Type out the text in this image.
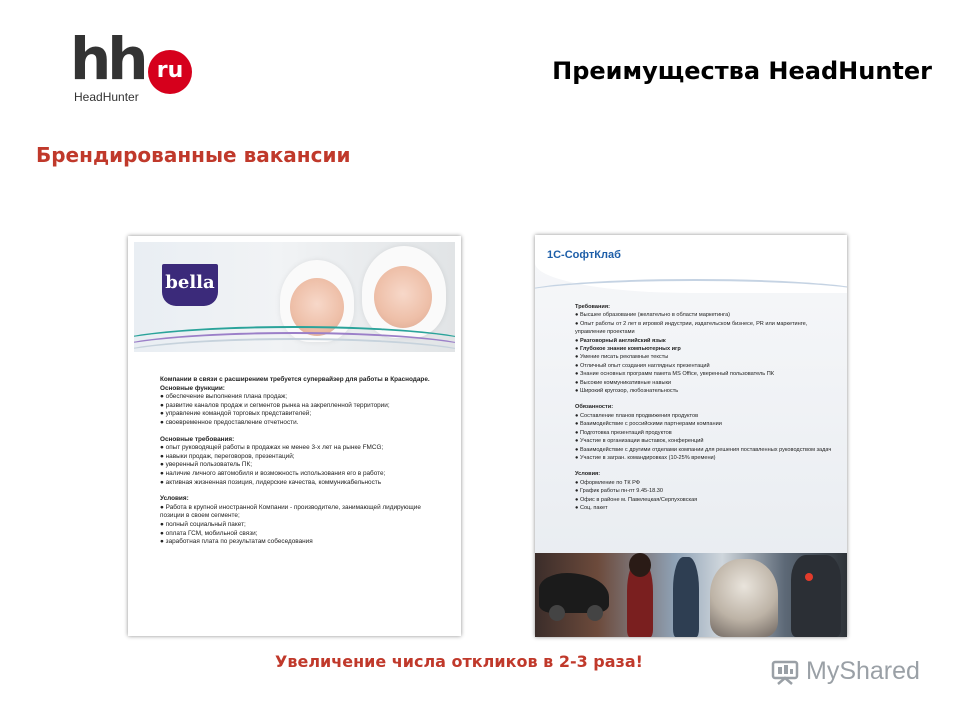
hh ru
HeadHunter
Преимущества HeadHunter
Брендированные вакансии
bella
Компании в связи с расширением требуется супервайзер для работы в Краснодаре.
Основные функции:
● обеспечение выполнения плана продаж;
● развитие каналов продаж и сегментов рынка на закрепленной территории;
● управление командой торговых представителей;
● своевременное предоставление отчетности.
Основные требования:
● опыт руководящей работы в продажах не менее 3-х лет на рынке FMCG;
● навыки продаж, переговоров, презентаций;
● уверенный пользователь ПК;
● наличие личного автомобиля и возможность использования его в работе;
● активная жизненная позиция, лидерские качества, коммуникабельность
Условия:
● Работа в крупной иностранной Компании - производителе, занимающей лидирующие позиции в своем сегменте;
● полный социальный пакет;
● оплата ГСМ, мобильной связи;
● заработная плата по результатам собеседования
1С-СофтКлаб
Требования:
● Высшее образование (желательно в области маркетинга)
● Опыт работы от 2 лет в игровой индустрии, издательском бизнесе, PR или маркетинге, управление проектами
● Разговорный английский язык
● Глубокое знание компьютерных игр
● Умение писать рекламные тексты
● Отличный опыт создания наглядных презентаций
● Знание основных программ пакета MS Office, уверенный пользователь ПК
● Высокие коммуникативные навыки
● Широкий кругозор, любознательность
Обязанности:
● Составление планов продвижения продуктов
● Взаимодействие с российскими партнерами компании
● Подготовка презентаций продуктов
● Участие в организации выставок, конференций
● Взаимодействие с другими отделами компании для решения поставленных руководством задач
● Участие в загран. командировках (10-25% времени)
Условия:
● Оформление по ТК РФ
● График работы пн-пт 9.45-18.30
● Офис в районе м. Павелецкая/Серпуховская
● Соц. пакет
Увеличение числа откликов в 2-3 раза!	MyShared
